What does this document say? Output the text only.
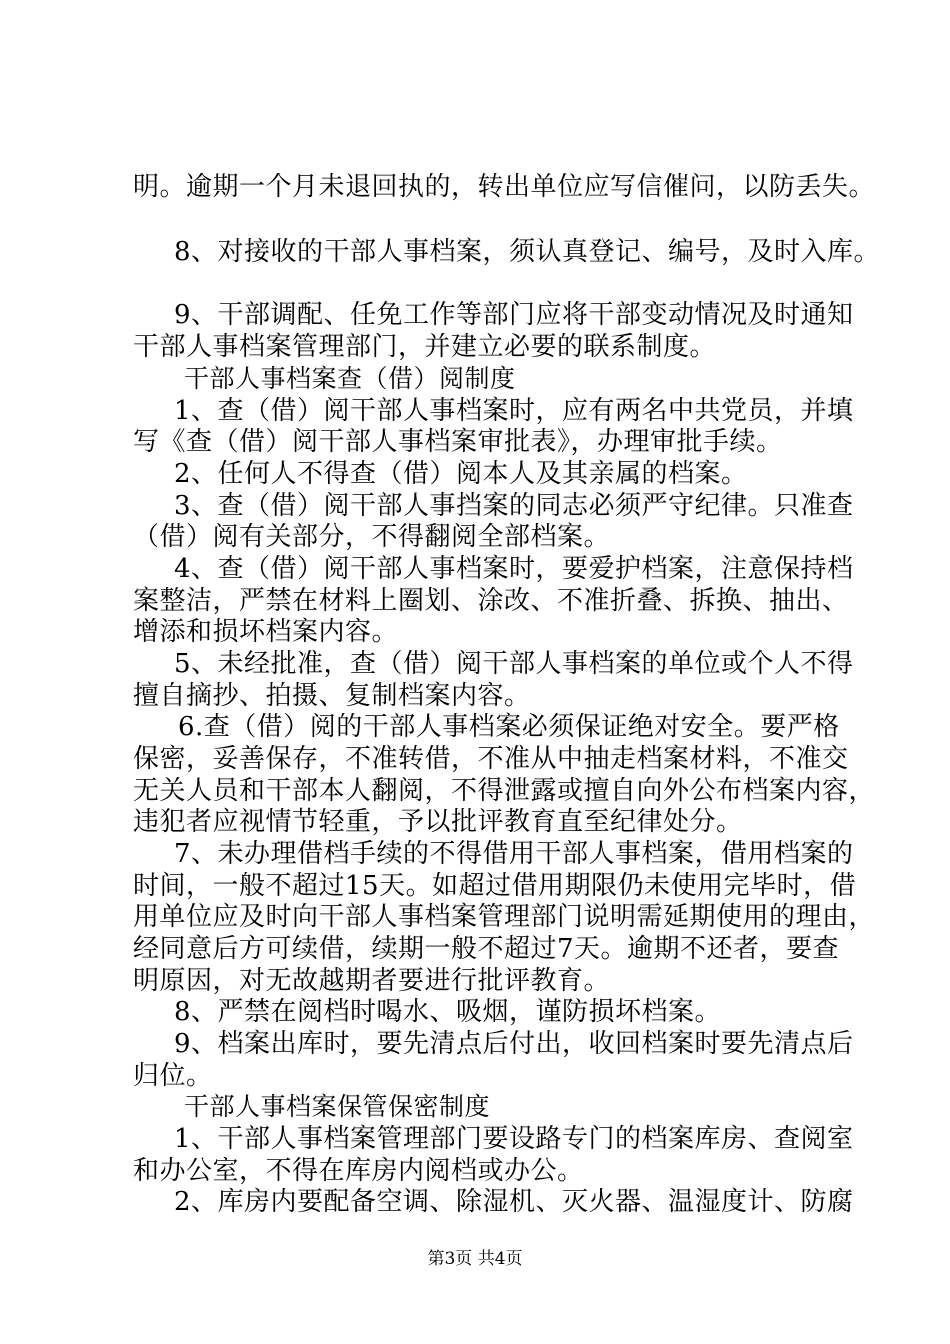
明。逾期一个月未退回执的，转出单位应写信催问，以防丢失。

8、对接收的干部人事档案，须认真登记、编号，及时入库。

9、干部调配、任免工作等部门应将干部变动情况及时通知

干部人事档案管理部门，并建立必要的联系制度。

干部人事档案查（借）阅制度

1、查（借）阅干部人事档案时，应有两名中共党员，并填

写《查（借）阅干部人事档案审批表》，办理审批手续。

2、任何人不得查（借）阅本人及其亲属的档案。

3、查（借）阅干部人事挡案的同志必须严守纪律。只准查

（借）阅有关部分，不得翻阅全部档案。

4、查（借）阅干部人事档案时，要爱护档案，注意保持档

案整洁，严禁在材料上圈划、涂改、不准折叠、拆换、抽出、

增添和损坏档案内容。

5、未经批准，查（借）阅干部人事档案的单位或个人不得

擅自摘抄、拍摄、复制档案内容。

6.查（借）阅的干部人事档案必须保证绝对安全。要严格

保密，妥善保存，不准转借，不准从中抽走档案材料，不准交

无关人员和干部本人翻阅，不得泄露或擅自向外公布档案内容，

违犯者应视情节轻重，予以批评教育直至纪律处分。

7、未办理借档手续的不得借用干部人事档案，借用档案的

时间，一般不超过15天。如超过借用期限仍未使用完毕时，借

用单位应及时向干部人事档案管理部门说明需延期使用的理由，

经同意后方可续借，续期一般不超过7天。逾期不还者，要查

明原因，对无故越期者要进行批评教育。

8、严禁在阅档时喝水、吸烟，谨防损坏档案。

9、档案出库时，要先清点后付出，收回档案时要先清点后

归位。

干部人事档案保管保密制度

1、干部人事档案管理部门要设路专门的档案库房、查阅室

和办公室，不得在库房内阅档或办公。

2、库房内要配备空调、除湿机、灭火器、温湿度计、防腐

第3页 共4页
